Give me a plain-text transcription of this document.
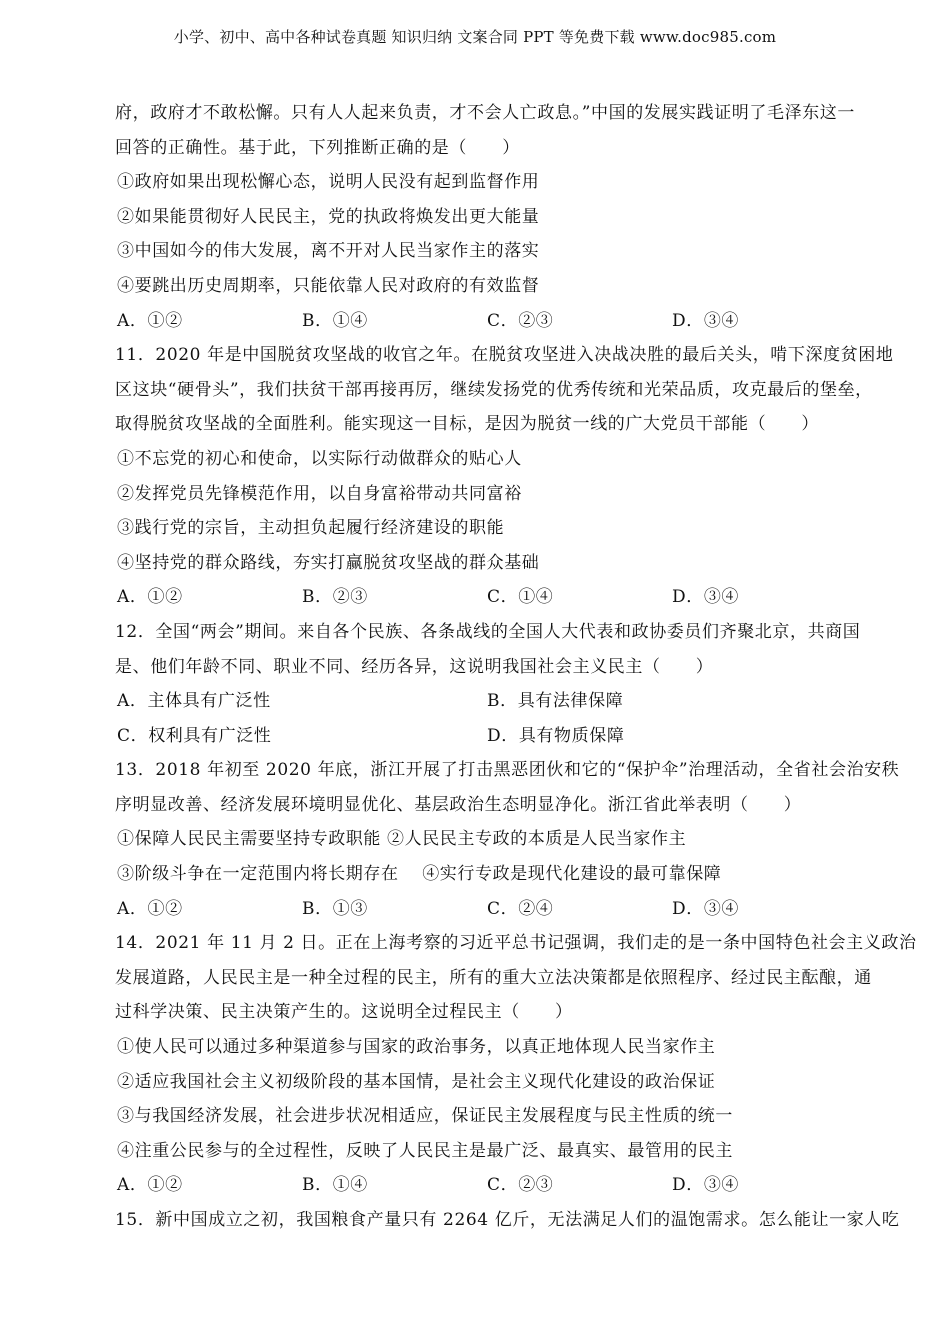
小学、初中、高中各种试卷真题 知识归纳 文案合同 PPT 等免费下载 www.doc985.com
府，政府才不敢松懈。只有人人起来负责，才不会人亡政息。”中国的发展实践证明了毛泽东这一
回答的正确性。基于此，下列推断正确的是（　　）
①政府如果出现松懈心态，说明人民没有起到监督作用
②如果能贯彻好人民民主，党的执政将焕发出更大能量
③中国如今的伟大发展，离不开对人民当家作主的落实
④要跳出历史周期率，只能依靠人民对政府的有效监督
A．①②	B．①④	C．②③	D．③④
11．2020 年是中国脱贫攻坚战的收官之年。在脱贫攻坚进入决战决胜的最后关头，啃下深度贫困地
区这块“硬骨头”，我们扶贫干部再接再厉，继续发扬党的优秀传统和光荣品质，攻克最后的堡垒，
取得脱贫攻坚战的全面胜利。能实现这一目标，是因为脱贫一线的广大党员干部能（　　）
①不忘党的初心和使命，以实际行动做群众的贴心人
②发挥党员先锋模范作用，以自身富裕带动共同富裕
③践行党的宗旨，主动担负起履行经济建设的职能
④坚持党的群众路线，夯实打赢脱贫攻坚战的群众基础
A．①②	B．②③	C．①④	D．③④
12．全国“两会”期间。来自各个民族、各条战线的全国人大代表和政协委员们齐聚北京，共商国
是、他们年龄不同、职业不同、经历各异，这说明我国社会主义民主（　　）
A．主体具有广泛性	B．具有法律保障
C．权利具有广泛性	D．具有物质保障
13．2018 年初至 2020 年底，浙江开展了打击黑恶团伙和它的“保护伞”治理活动，全省社会治安秩
序明显改善、经济发展环境明显优化、基层政治生态明显净化。浙江省此举表明（　　）
①保障人民民主需要坚持专政职能 ②人民民主专政的本质是人民当家作主
③阶级斗争在一定范围内将长期存在　 ④实行专政是现代化建设的最可靠保障
A．①②	B．①③	C．②④	D．③④
14．2021 年 11 月 2 日。正在上海考察的习近平总书记强调，我们走的是一条中国特色社会主义政治
发展道路，人民民主是一种全过程的民主，所有的重大立法决策都是依照程序、经过民主酝酿，通
过科学决策、民主决策产生的。这说明全过程民主（　　）
①使人民可以通过多种渠道参与国家的政治事务，以真正地体现人民当家作主
②适应我国社会主义初级阶段的基本国情，是社会主义现代化建设的政治保证
③与我国经济发展，社会进步状况相适应，保证民主发展程度与民主性质的统一
④注重公民参与的全过程性，反映了人民民主是最广泛、最真实、最管用的民主
A．①②	B．①④	C．②③	D．③④
15．新中国成立之初，我国粮食产量只有 2264 亿斤，无法满足人们的温饱需求。怎么能让一家人吃
